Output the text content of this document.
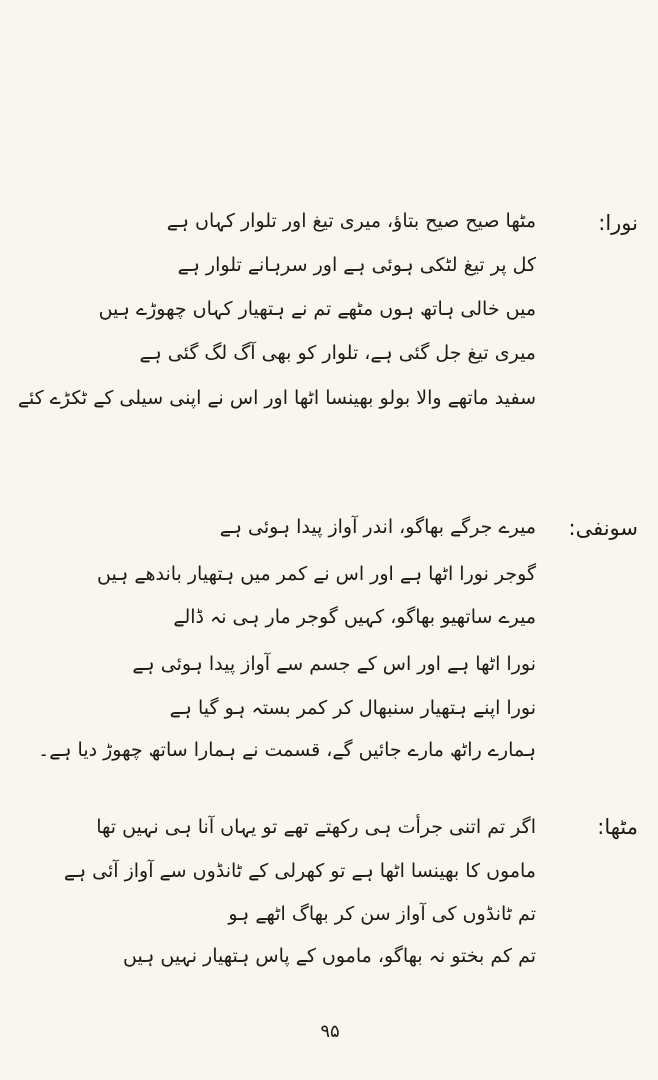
نورا:
مٹھا صیح صیح بتاؤ، میری تیغ اور تلوار کہاں ہے
کل پر تیغ لٹکی ہوئی ہے اور سرہانے تلوار ہے
میں خالی ہاتھ ہوں مٹھے تم نے ہتھیار کہاں چھوڑے ہیں
میری تیغ جل گئی ہے، تلوار کو بھی آگ لگ گئی ہے
سفید ماتھے والا بولو بھینسا اٹھا اور اس نے اپنی سیلی کے ٹکڑے کئے
سونفی:
میرے جرگے بھاگو، اندر آواز پیدا ہوئی ہے
گوجر نورا اٹھا ہے اور اس نے کمر میں ہتھیار باندھے ہیں
میرے ساتھیو بھاگو، کہیں گوجر مار ہی نہ ڈالے
نورا اٹھا ہے اور اس کے جسم سے آواز پیدا ہوئی ہے
نورا اپنے ہتھیار سنبھال کر کمر بستہ ہو گیا ہے
ہمارے راٹھ مارے جائیں گے، قسمت نے ہمارا ساتھ چھوڑ دیا ہے۔
مٹھا:
اگر تم اتنی جرأت ہی رکھتے تھے تو یہاں آنا ہی نہیں تھا
ماموں کا بھینسا اٹھا ہے تو کھرلی کے ٹانڈوں سے آواز آئی ہے
تم ٹانڈوں کی آواز سن کر بھاگ اٹھے ہو
تم کم بختو نہ بھاگو، ماموں کے پاس ہتھیار نہیں ہیں
۹۵
